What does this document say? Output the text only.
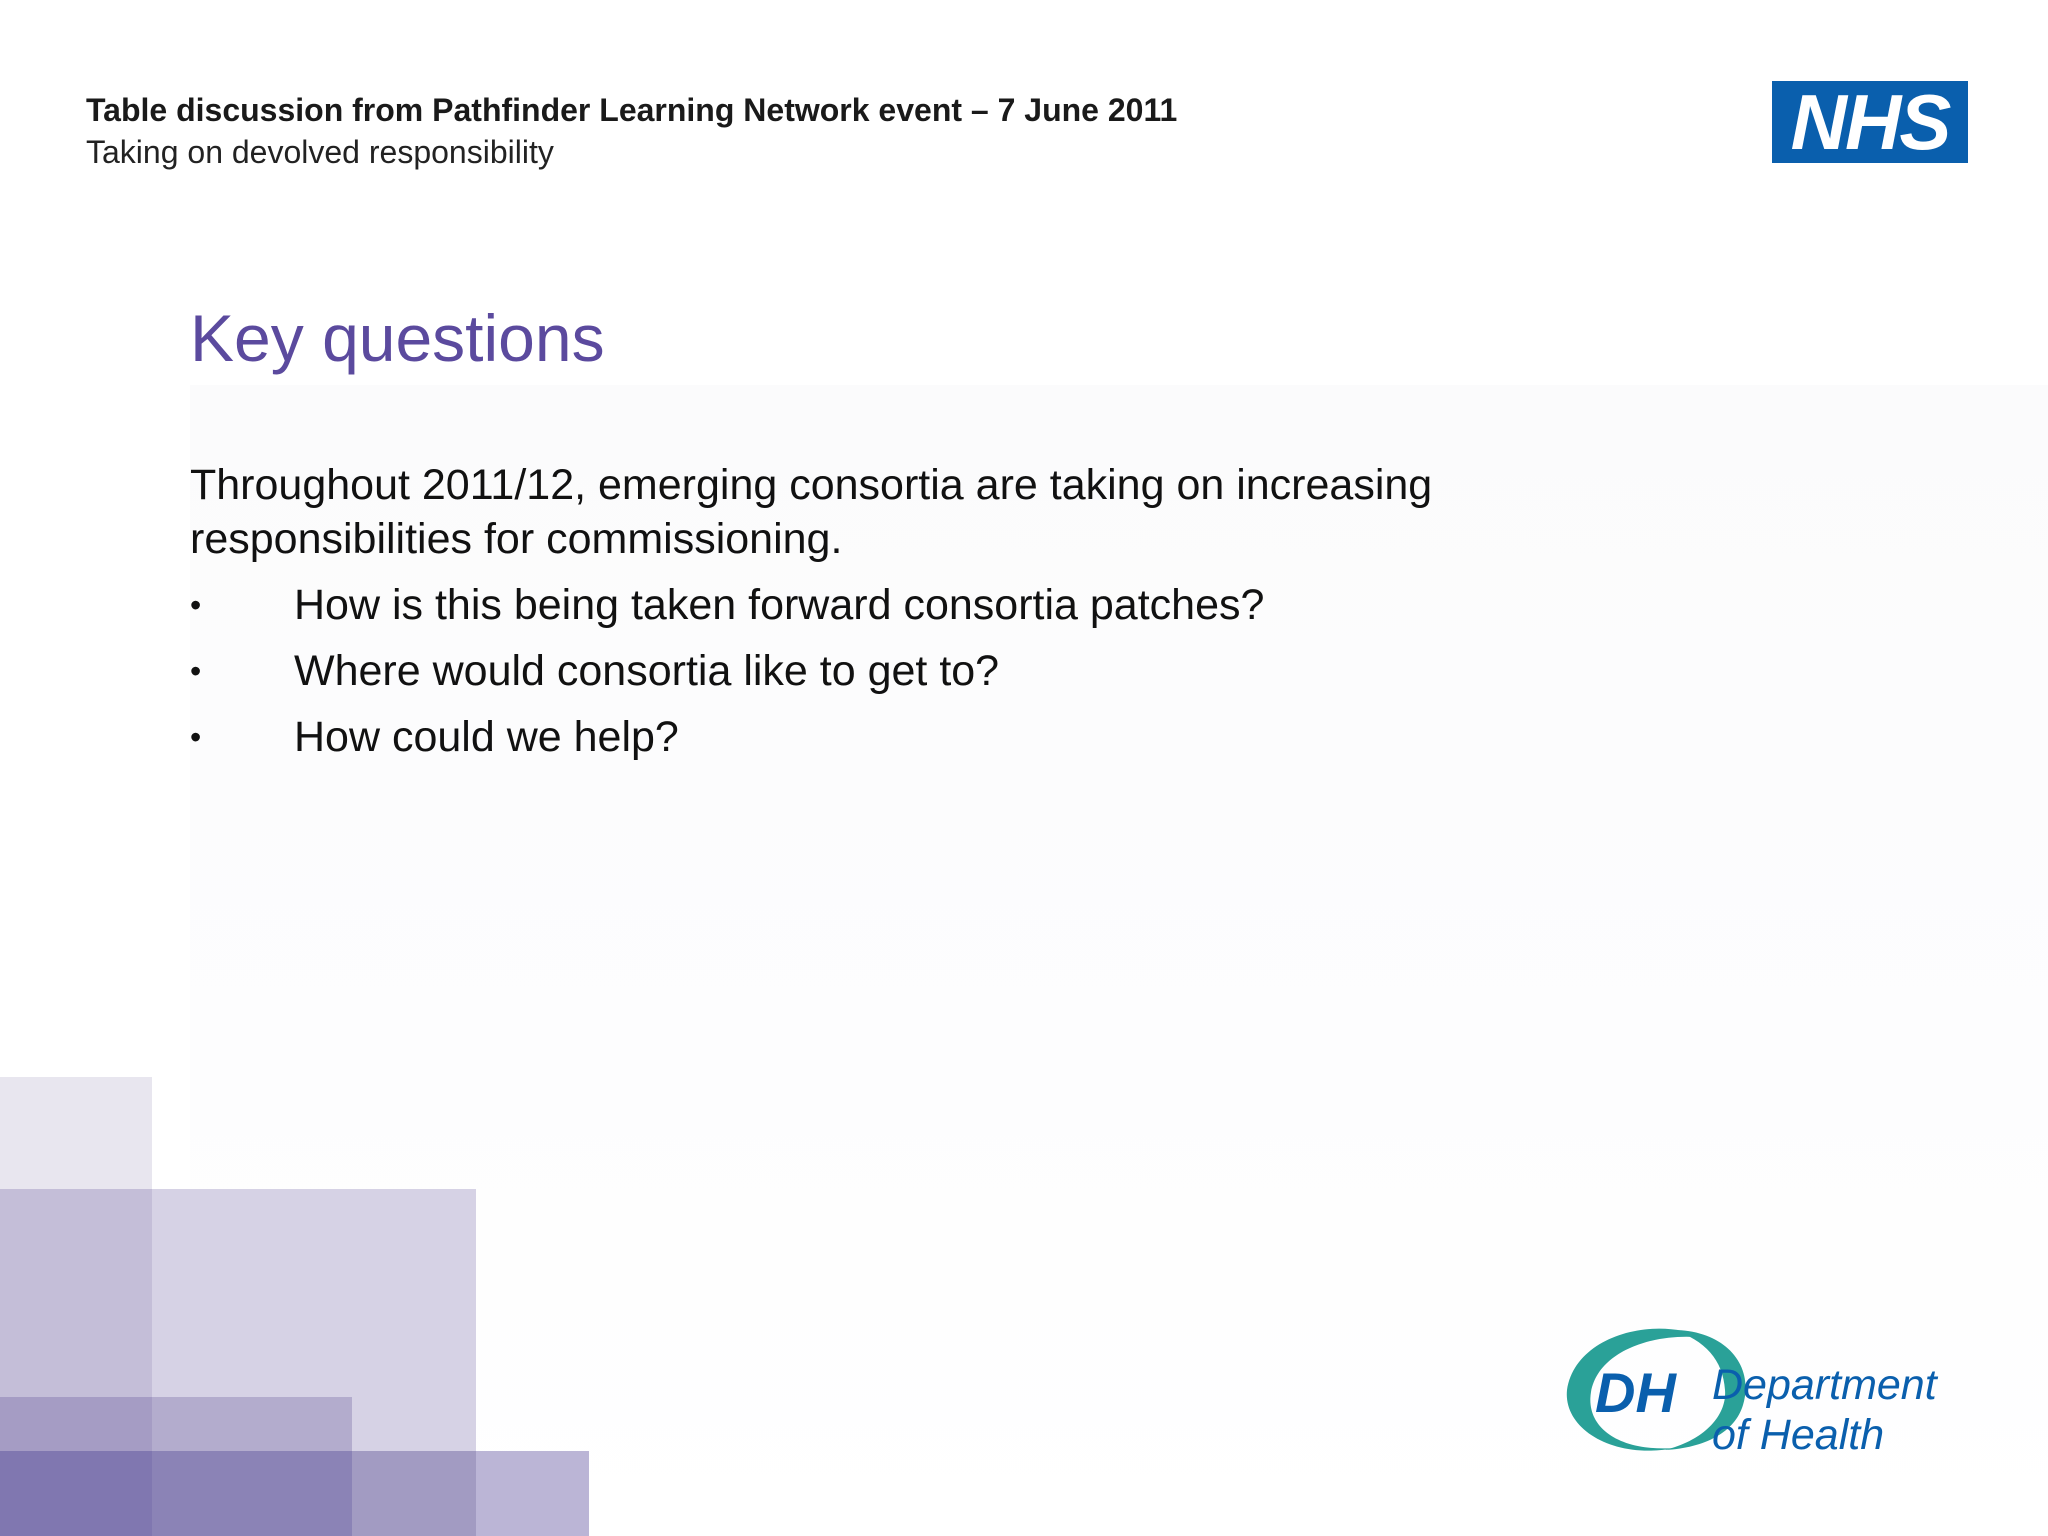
Table discussion from Pathfinder Learning Network event – 7 June 2011
Taking on devolved responsibility	NHS
Key questions
Throughout 2011/12, emerging consortia are taking on increasing responsibilities for commissioning.
• How is this being taken forward consortia patches?
• Where would consortia like to get to?
• How could we help?
DH Department
of Health
